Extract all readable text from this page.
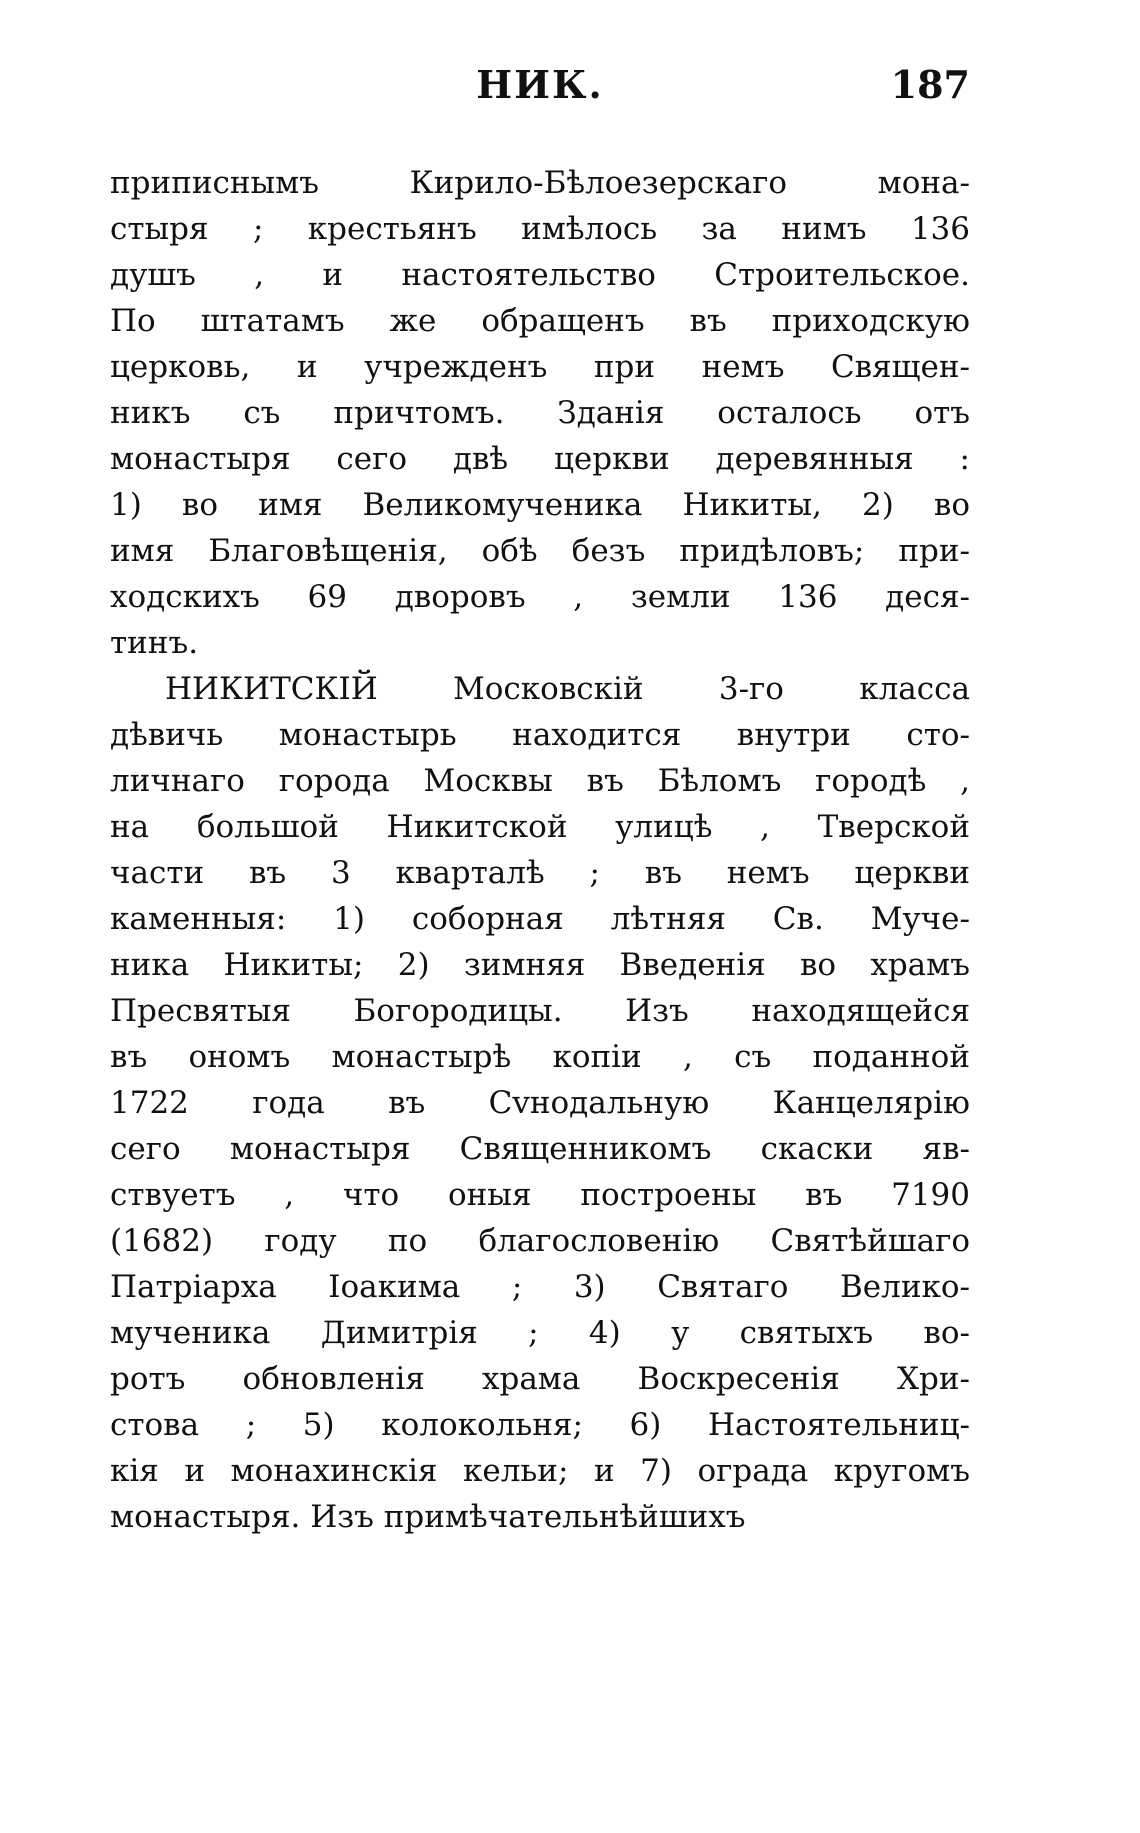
НИК.	187
приписнымъ Кирило-Бѣлоезерскаго мона-
стыря ; крестьянъ имѣлось за нимъ 136
душъ , и настоятельство Строительское.
По штатамъ же обращенъ въ приходскую
церковь, и учрежденъ при немъ Священ-
никъ съ причтомъ. Зданія осталось отъ
монастыря сего двѣ церкви деревянныя :
1) во имя Великомученика Никиты, 2) во
имя Благовѣщенія, обѣ безъ придѣловъ; при-
ходскихъ 69 дворовъ , земли 136 деся-
тинъ.
НИКИТСКІЙ Московскій 3-го класса
дѣвичь монастырь находится внутри сто-
личнаго города Москвы въ Бѣломъ городѣ ,
на большой Никитской улицѣ , Тверской
части въ 3 кварталѣ ; въ немъ церкви
каменныя: 1) соборная лѣтняя Св. Муче-
ника Никиты; 2) зимняя Введенія во храмъ
Пресвятыя Богородицы. Изъ находящейся
въ ономъ монастырѣ копіи , съ поданной
1722 года въ Сvнодальную Канцелярію
сего монастыря Священникомъ скаски яв-
ствуетъ , что оныя построены въ 7190
(1682) году по благословенію Святѣйшаго
Патріарха Іоакима ; 3) Святаго Велико-
мученика Димитрія ; 4) у святыхъ во-
ротъ обновленія храма Воскресенія Хри-
стова ; 5) колокольня; 6) Настоятельниц-
кія и монахинскія кельи; и 7) ограда кругомъ
монастыря. Изъ примѣчательнѣйшихъ
